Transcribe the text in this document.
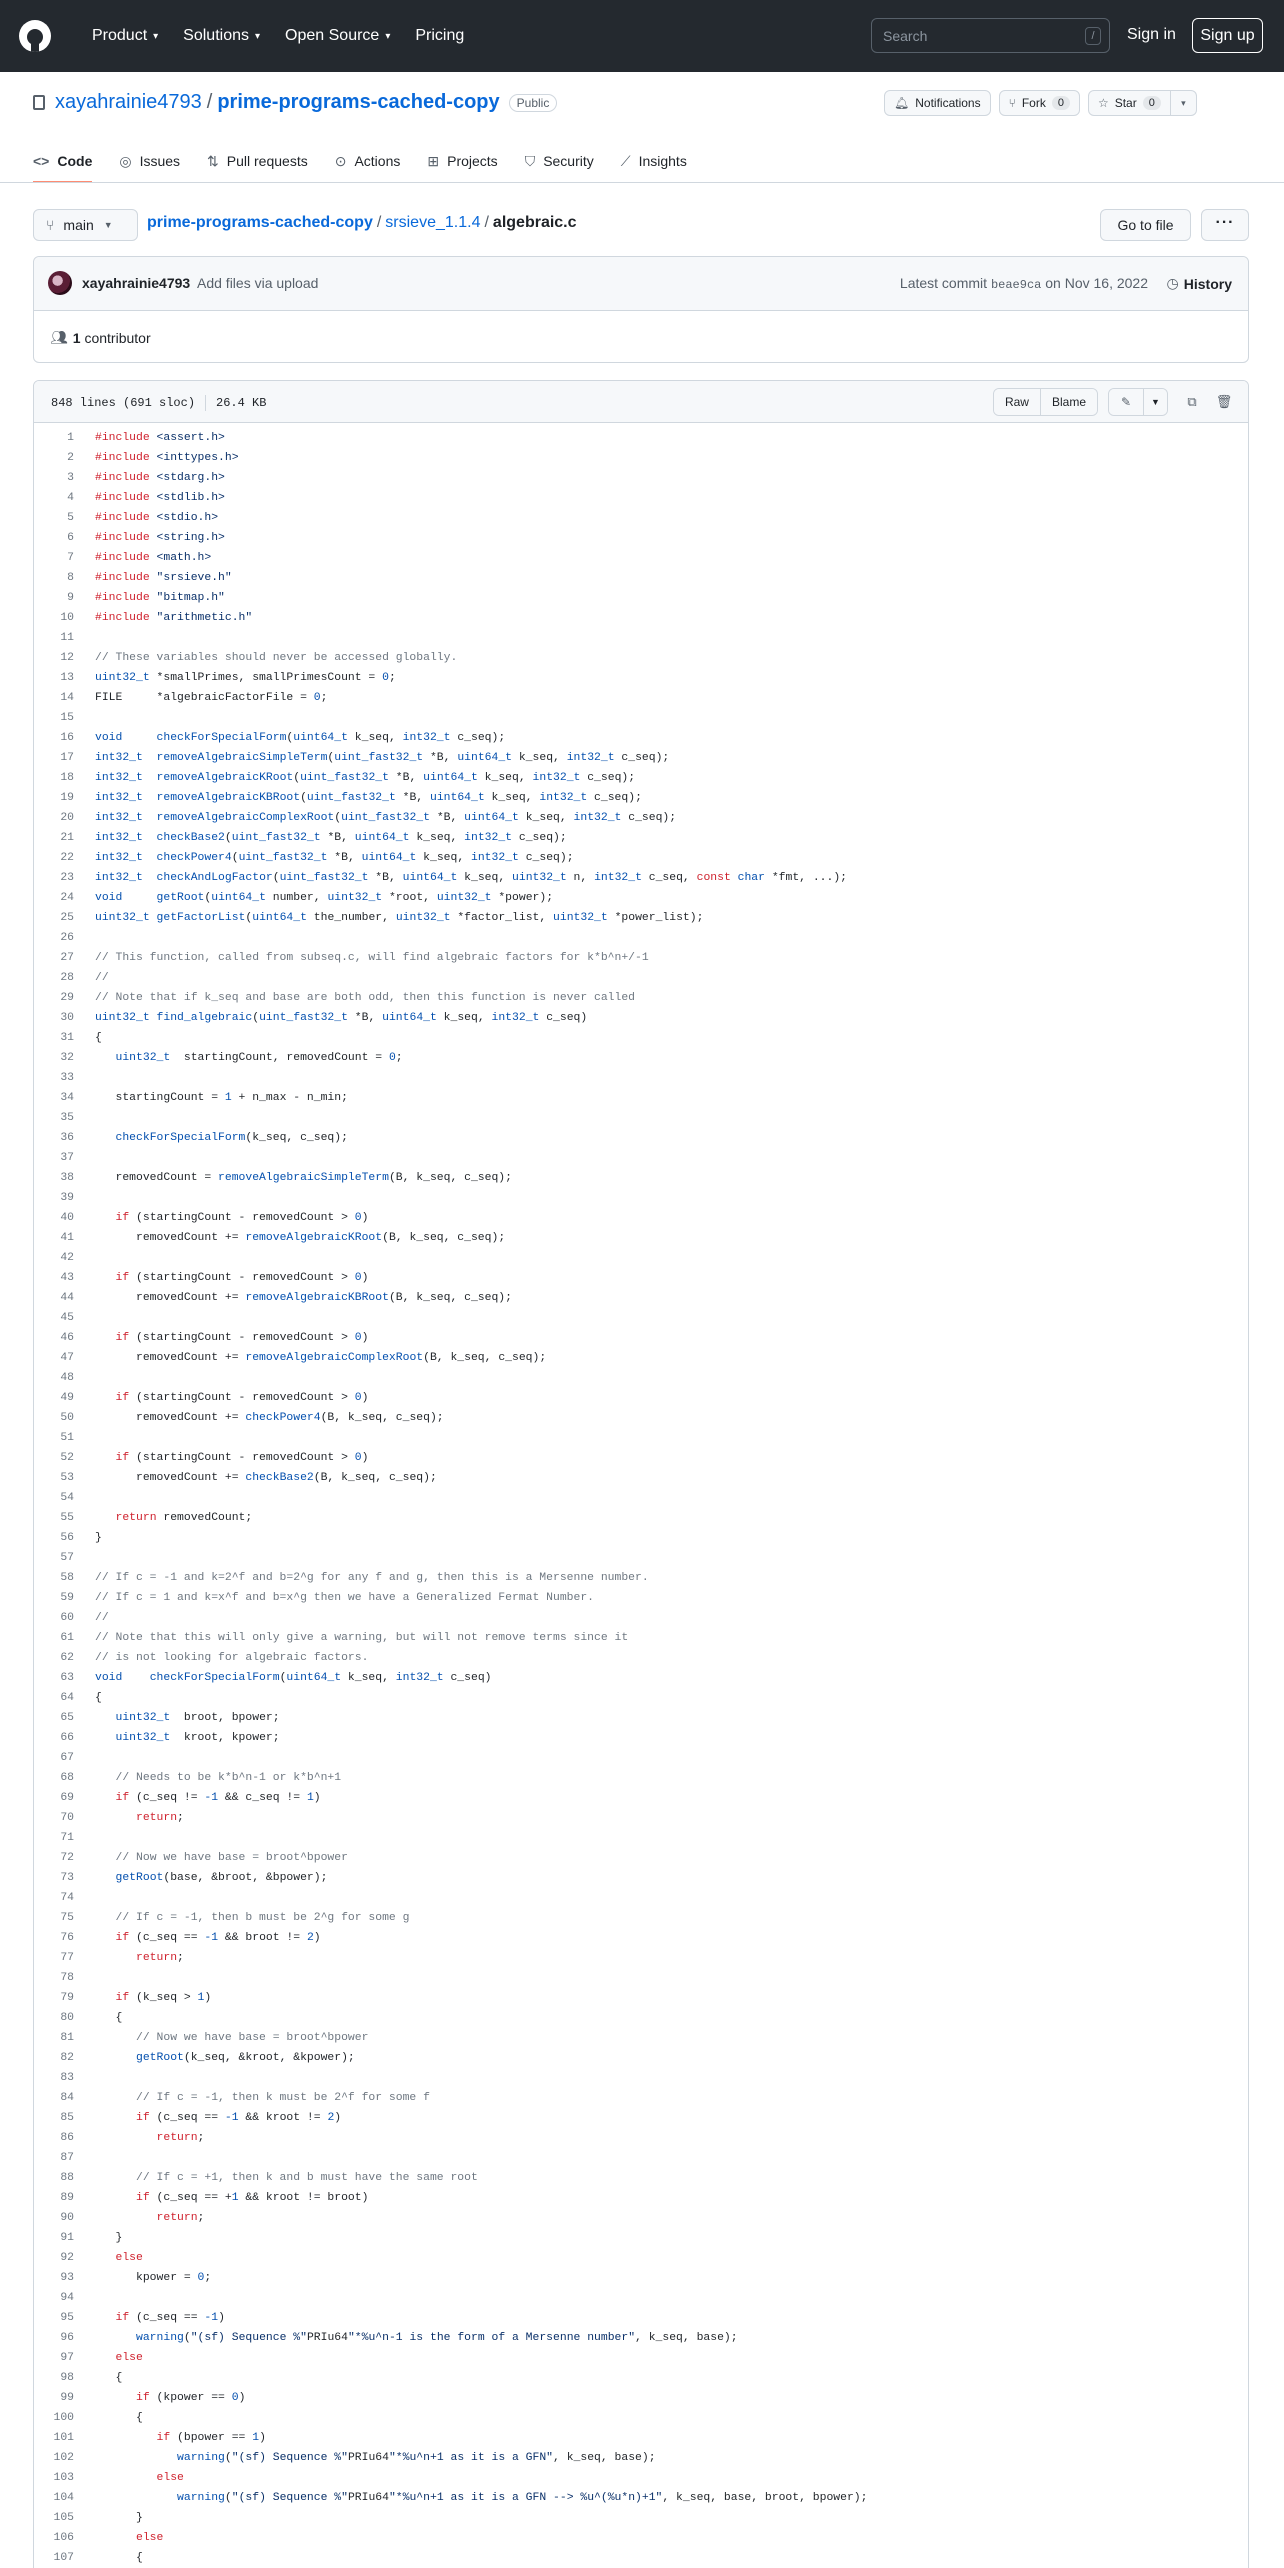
Product ▾ Solutions ▾ Open Source ▾ Pricing	Search	/	Sign in	Sign up
xayahrainie4793 / prime-programs-cached-copy	Public	🔔︎ Notifications ⑂ Fork	0	☆ Star	0	▾
<> Code ◎ Issues ⇅ Pull requests ⊙ Actions ⊞ Projects ⛉ Security ⟋ Insights
⑂ main ▼ prime-programs-cached-copy / srsieve_1.1.4 / algebraic.c	Go to file	···
xayahrainie4793 Add files via upload	Latest commit beae9ca on Nov 16, 2022 ◷ History
👥︎ 1
contributor
848 lines (691 sloc) 26.4 KB	Raw	Blame	✎	▼	⧉	🗑︎
1	#include <assert.h>
2	#include <inttypes.h>
3	#include <stdarg.h>
4	#include <stdlib.h>
5	#include <stdio.h>
6	#include <string.h>
7	#include <math.h>
8	#include "srsieve.h"
9	#include "bitmap.h"
10	#include "arithmetic.h"
11
12	// These variables should never be accessed globally.
13	uint32_t *smallPrimes, smallPrimesCount = 0;
14	FILE     *algebraicFactorFile = 0;
15
16	void	checkForSpecialForm(uint64_t k_seq, int32_t c_seq);
17	int32_t removeAlgebraicSimpleTerm(uint_fast32_t *B, uint64_t k_seq, int32_t c_seq);
18	int32_t removeAlgebraicKRoot(uint_fast32_t *B, uint64_t k_seq, int32_t c_seq);
19	int32_t removeAlgebraicKBRoot(uint_fast32_t *B, uint64_t k_seq, int32_t c_seq);
20	int32_t removeAlgebraicComplexRoot(uint_fast32_t *B, uint64_t k_seq, int32_t c_seq);
21	int32_t checkBase2(uint_fast32_t *B, uint64_t k_seq, int32_t c_seq);
22	int32_t checkPower4(uint_fast32_t *B, uint64_t k_seq, int32_t c_seq);
23	int32_t checkAndLogFactor(uint_fast32_t *B, uint64_t k_seq, uint32_t n, int32_t c_seq, const char *fmt, ...);
24	void	getRoot(uint64_t number, uint32_t *root, uint32_t *power);
25	uint32_t getFactorList(uint64_t the_number, uint32_t *factor_list, uint32_t *power_list);
26
27	// This function, called from subseq.c, will find algebraic factors for k*b^n+/-1
28	//
29	// Note that if k_seq and base are both odd, then this function is never called
30	uint32_t find_algebraic(uint_fast32_t *B, uint64_t k_seq, int32_t c_seq)
31	{
32	uint32_t  startingCount, removedCount = 0;
33
34	startingCount = 1 + n_max - n_min;
35
36	checkForSpecialForm(k_seq, c_seq);
37
38	removedCount = removeAlgebraicSimpleTerm(B, k_seq, c_seq);
39
40	if (startingCount - removedCount > 0)
41	removedCount += removeAlgebraicKRoot(B, k_seq, c_seq);
42
43	if (startingCount - removedCount > 0)
44	removedCount += removeAlgebraicKBRoot(B, k_seq, c_seq);
45
46	if (startingCount - removedCount > 0)
47	removedCount += removeAlgebraicComplexRoot(B, k_seq, c_seq);
48
49	if (startingCount - removedCount > 0)
50	removedCount += checkPower4(B, k_seq, c_seq);
51
52	if (startingCount - removedCount > 0)
53	removedCount += checkBase2(B, k_seq, c_seq);
54
55	return removedCount;
56	}
57
58	// If c = -1 and k=2^f and b=2^g for any f and g, then this is a Mersenne number.
59	// If c = 1 and k=x^f and b=x^g then we have a Generalized Fermat Number.
60	//
61	// Note that this will only give a warning, but will not remove terms since it
62	// is not looking for algebraic factors.
63	void checkForSpecialForm(uint64_t k_seq, int32_t c_seq)
64	{
65	uint32_t  broot, bpower;
66	uint32_t  kroot, kpower;
67
68	// Needs to be k*b^n-1 or k*b^n+1
69	if (c_seq != -1 && c_seq != 1)
70	return;
71
72	// Now we have base = broot^bpower
73	getRoot(base, &broot, &bpower);
74
75	// If c = -1, then b must be 2^g for some g
76	if (c_seq == -1 && broot != 2)
77	return;
78
79	if (k_seq > 1)
80	{
81	// Now we have base = broot^bpower
82	getRoot(k_seq, &kroot, &kpower);
83
84	// If c = -1, then k must be 2^f for some f
85	if (c_seq == -1 && kroot != 2)
86	return;
87
88	// If c = +1, then k and b must have the same root
89	if (c_seq == +1 && kroot != broot)
90	return;
91	}
92	else
93	kpower = 0;
94
95	if (c_seq == -1)
96	warning("(sf) Sequence %"PRIu64"*%u^n-1 is the form of a Mersenne number", k_seq, base);
97	else
98	{
99	if (kpower == 0)
100	{
101	if (bpower == 1)
102	warning("(sf) Sequence %"PRIu64"*%u^n+1 as it is a GFN", k_seq, base);
103	else
104	warning("(sf) Sequence %"PRIu64"*%u^n+1 as it is a GFN --> %u^(%u*n)+1", k_seq, base, broot, bpower);
105	}
106	else
107	{
